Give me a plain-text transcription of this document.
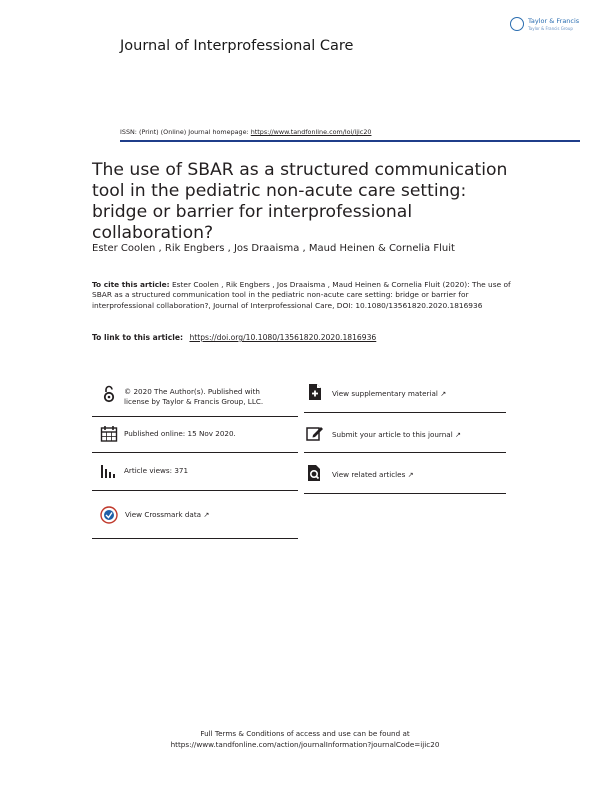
Journal of Interprofessional Care
Taylor & Francis
Taylor & Francis Group
ISSN: (Print) (Online) Journal homepage: https://www.tandfonline.com/loi/ijic20
The use of SBAR as a structured communication tool in the pediatric non-acute care setting: bridge or barrier for interprofessional collaboration?
Ester Coolen , Rik Engbers , Jos Draaisma , Maud Heinen & Cornelia Fluit
To cite this article: Ester Coolen , Rik Engbers , Jos Draaisma , Maud Heinen & Cornelia Fluit (2020): The use of SBAR as a structured communication tool in the pediatric non-acute care setting: bridge or barrier for interprofessional collaboration?, Journal of Interprofessional Care, DOI: 10.1080/13561820.2020.1816936
To link to this article: https://doi.org/10.1080/13561820.2020.1816936
© 2020 The Author(s). Published with
license by Taylor & Francis Group, LLC.
Published online: 15 Nov 2020.
Article views: 371
View Crossmark data ↗
View supplementary material ↗
Submit your article to this journal ↗
View related articles ↗
Full Terms & Conditions of access and use can be found at
https://www.tandfonline.com/action/journalInformation?journalCode=ijic20
